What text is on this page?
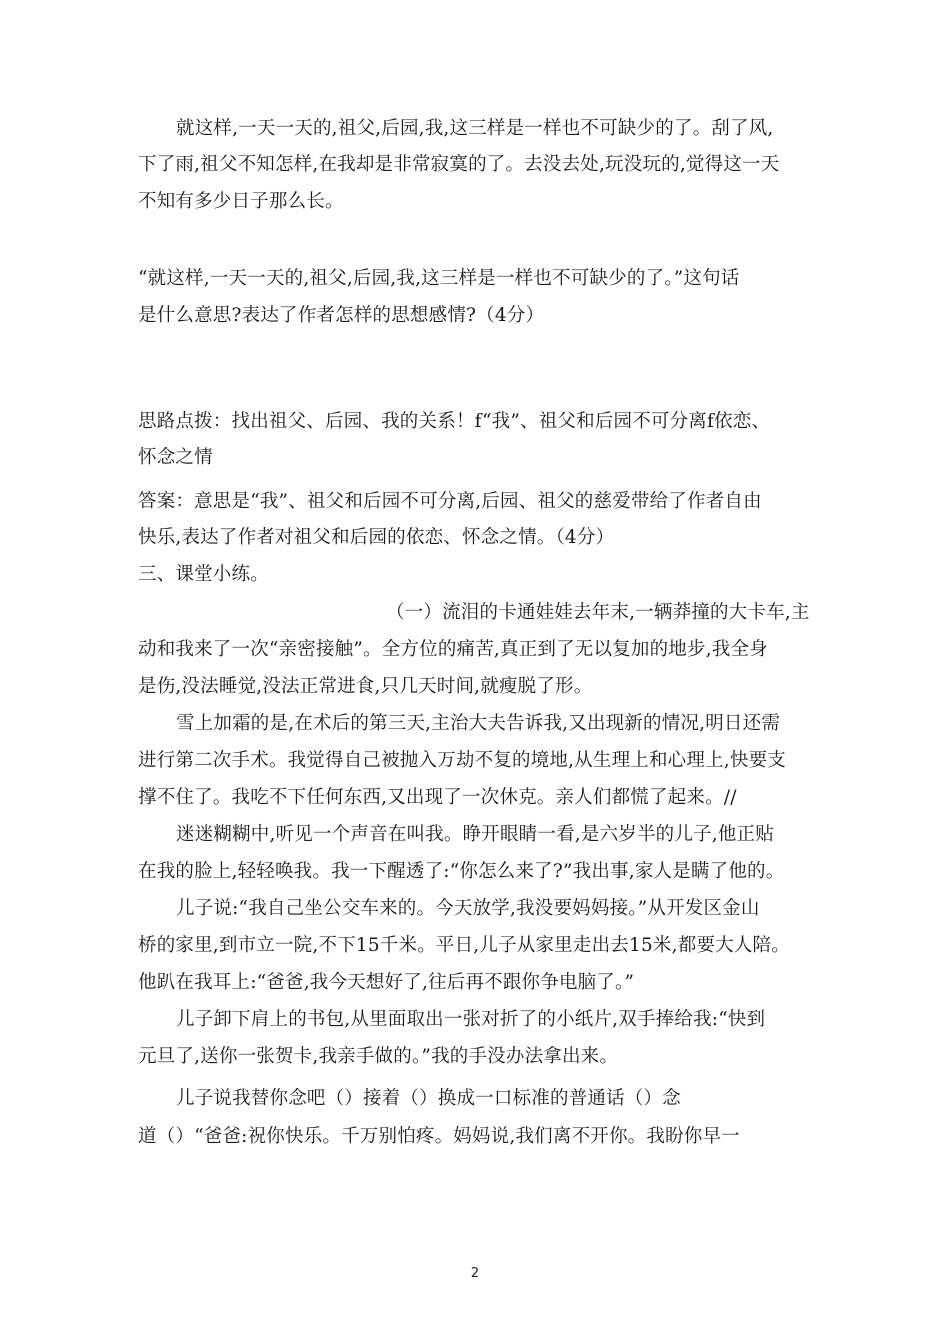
就这样,一天一天的,祖父,后园,我,这三样是一样也不可缺少的了。刮了风,
下了雨,祖父不知怎样,在我却是非常寂寞的了。去没去处,玩没玩的,觉得这一天
不知有多少日子那么长。
“就这样,一天一天的,祖父,后园,我,这三样是一样也不可缺少的了。”这句话
是什么意思?表达了作者怎样的思想感情?（4分）
思路点拨：找出祖父、后园、我的关系！f“我”、祖父和后园不可分离f依恋、
怀念之情
答案：意思是“我”、祖父和后园不可分离,后园、祖父的慈爱带给了作者自由
快乐,表达了作者对祖父和后园的依恋、怀念之情。（4分）
三、课堂小练。
（一）流泪的卡通娃娃去年末,一辆莽撞的大卡车,主
动和我来了一次“亲密接触”。全方位的痛苦,真正到了无以复加的地步,我全身
是伤,没法睡觉,没法正常进食,只几天时间,就瘦脱了形。
雪上加霜的是,在术后的第三天,主治大夫告诉我,又出现新的情况,明日还需
进行第二次手术。我觉得自己被抛入万劫不复的境地,从生理上和心理上,快要支
撑不住了。我吃不下任何东西,又出现了一次休克。亲人们都慌了起来。//
迷迷糊糊中,听见一个声音在叫我。睁开眼睛一看,是六岁半的儿子,他正贴
在我的脸上,轻轻唤我。我一下醒透了:“你怎么来了?”我出事,家人是瞒了他的。
儿子说:“我自己坐公交车来的。今天放学,我没要妈妈接。”从开发区金山
桥的家里,到市立一院,不下15千米。平日,儿子从家里走出去15米,都要大人陪。
他趴在我耳上:“爸爸,我今天想好了,往后再不跟你争电脑了。”
儿子卸下肩上的书包,从里面取出一张对折了的小纸片,双手捧给我:“快到
元旦了,送你一张贺卡,我亲手做的。”我的手没办法拿出来。
儿子说我替你念吧（）接着（）换成一口标准的普通话（）念
道（）“爸爸:祝你快乐。千万别怕疼。妈妈说,我们离不开你。我盼你早一
2
